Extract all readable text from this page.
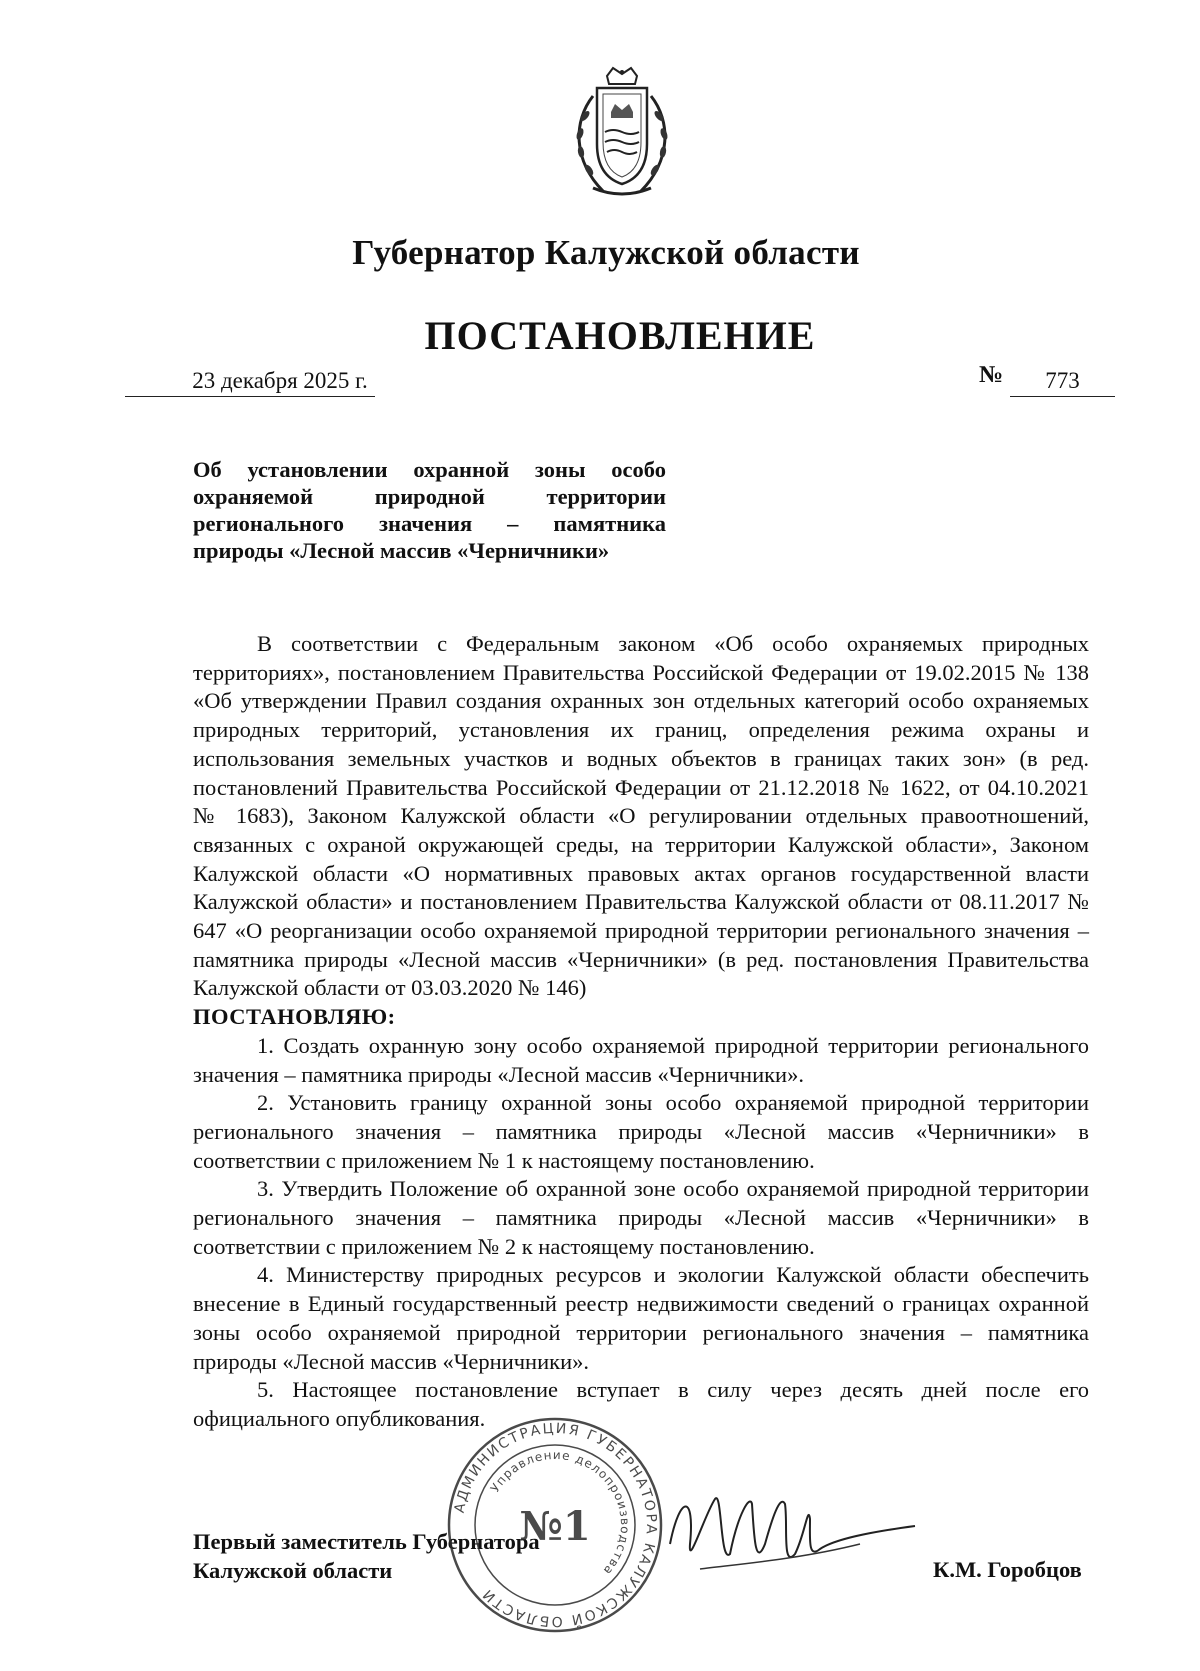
Губернатор Калужской области
ПОСТАНОВЛЕНИЕ
23 декабря 2025 г.	№	773
Об установлении охранной зоны особо охраняемой природной территории регионального значения – памятника природы «Лесной массив «Черничники»

В соответствии с Федеральным законом «Об особо охраняемых природных территориях», постановлением Правительства Российской Федерации от 19.02.2015 № 138 «Об утверждении Правил создания охранных зон отдельных категорий особо охраняемых природных территорий, установления их границ, определения режима охраны и использования земельных участков и водных объектов в границах таких зон» (в ред. постановлений Правительства Российской Федерации от 21.12.2018 № 1622, от 04.10.2021 № 1683), Законом Калужской области «О регулировании отдельных правоотношений, связанных с охраной окружающей среды, на территории Калужской области», Законом Калужской области «О нормативных правовых актах органов государственной власти Калужской области» и постановлением Правительства Калужской области от 08.11.2017 № 647 «О реорганизации особо охраняемой природной территории регионального значения – памятника природы «Лесной массив «Черничники» (в ред. постановления Правительства Калужской области от 03.03.2020 № 146)

ПОСТАНОВЛЯЮ:

1. Создать охранную зону особо охраняемой природной территории регионального значения – памятника природы «Лесной массив «Черничники».

2. Установить границу охранной зоны особо охраняемой природной территории регионального значения – памятника природы «Лесной массив «Черничники» в соответствии с приложением № 1 к настоящему постановлению.

3. Утвердить Положение об охранной зоне особо охраняемой природной территории регионального значения – памятника природы «Лесной массив «Черничники» в соответствии с приложением № 2 к настоящему постановлению.

4. Министерству природных ресурсов и экологии Калужской области обеспечить внесение в Единый государственный реестр недвижимости сведений о границах охранной зоны особо охраняемой природной территории регионального значения – памятника природы «Лесной массив «Черничники».

5. Настоящее постановление вступает в силу через десять дней после его официального опубликования.

Первый заместитель Губернатора
Калужской области
АДМИНИСТРАЦИЯ ГУБЕРНАТОРА КАЛУЖСКОЙ ОБЛАСТИ
Управление делопроизводства
№1
К.М. Горобцов
